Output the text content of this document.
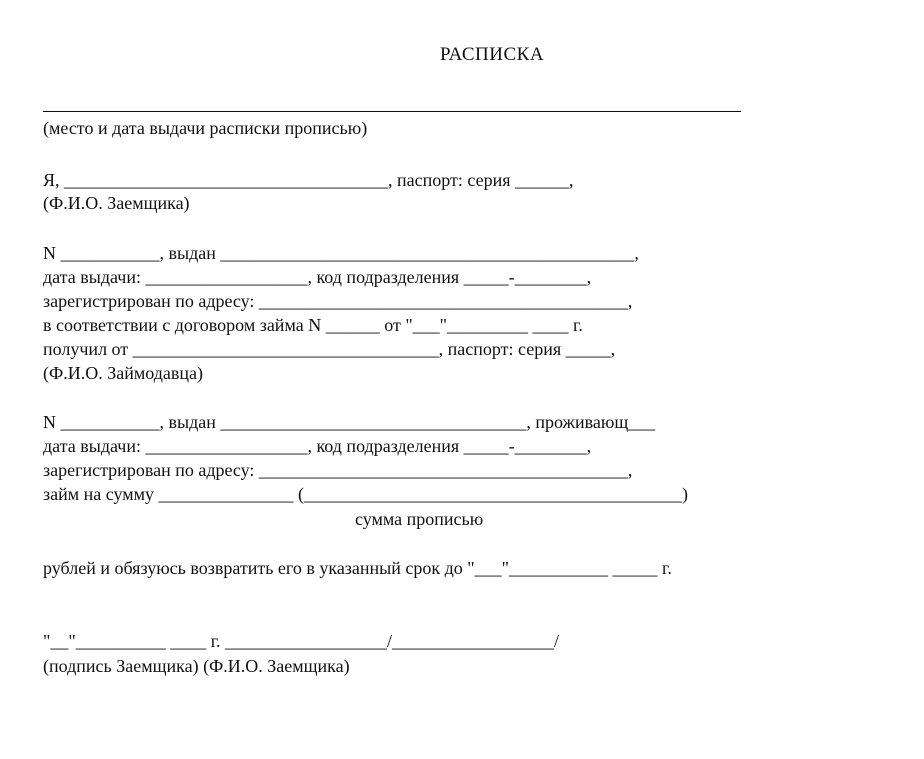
РАСПИСКА
(место и дата выдачи расписки прописью)
Я, ____________________________________, паспорт: серия ______,
(Ф.И.О. Заемщика)
N ___________, выдан ______________________________________________,
дата выдачи: __________________, код подразделения _____-________,
зарегистрирован по адресу: _________________________________________,
в соответствии с договором займа N ______ от "___"_________ ____ г.
получил от __________________________________, паспорт: серия _____,
(Ф.И.О. Займодавца)
N ___________, выдан __________________________________, проживающ___
дата выдачи: __________________, код подразделения _____-________,
зарегистрирован по адресу: _________________________________________,
займ на сумму _______________ (__________________________________________)
сумма прописью
рублей и обязуюсь возвратить его в указанный срок до "___"___________ _____ г.
"__"__________ ____ г. __________________/__________________/
(подпись Заемщика) (Ф.И.О. Заемщика)
